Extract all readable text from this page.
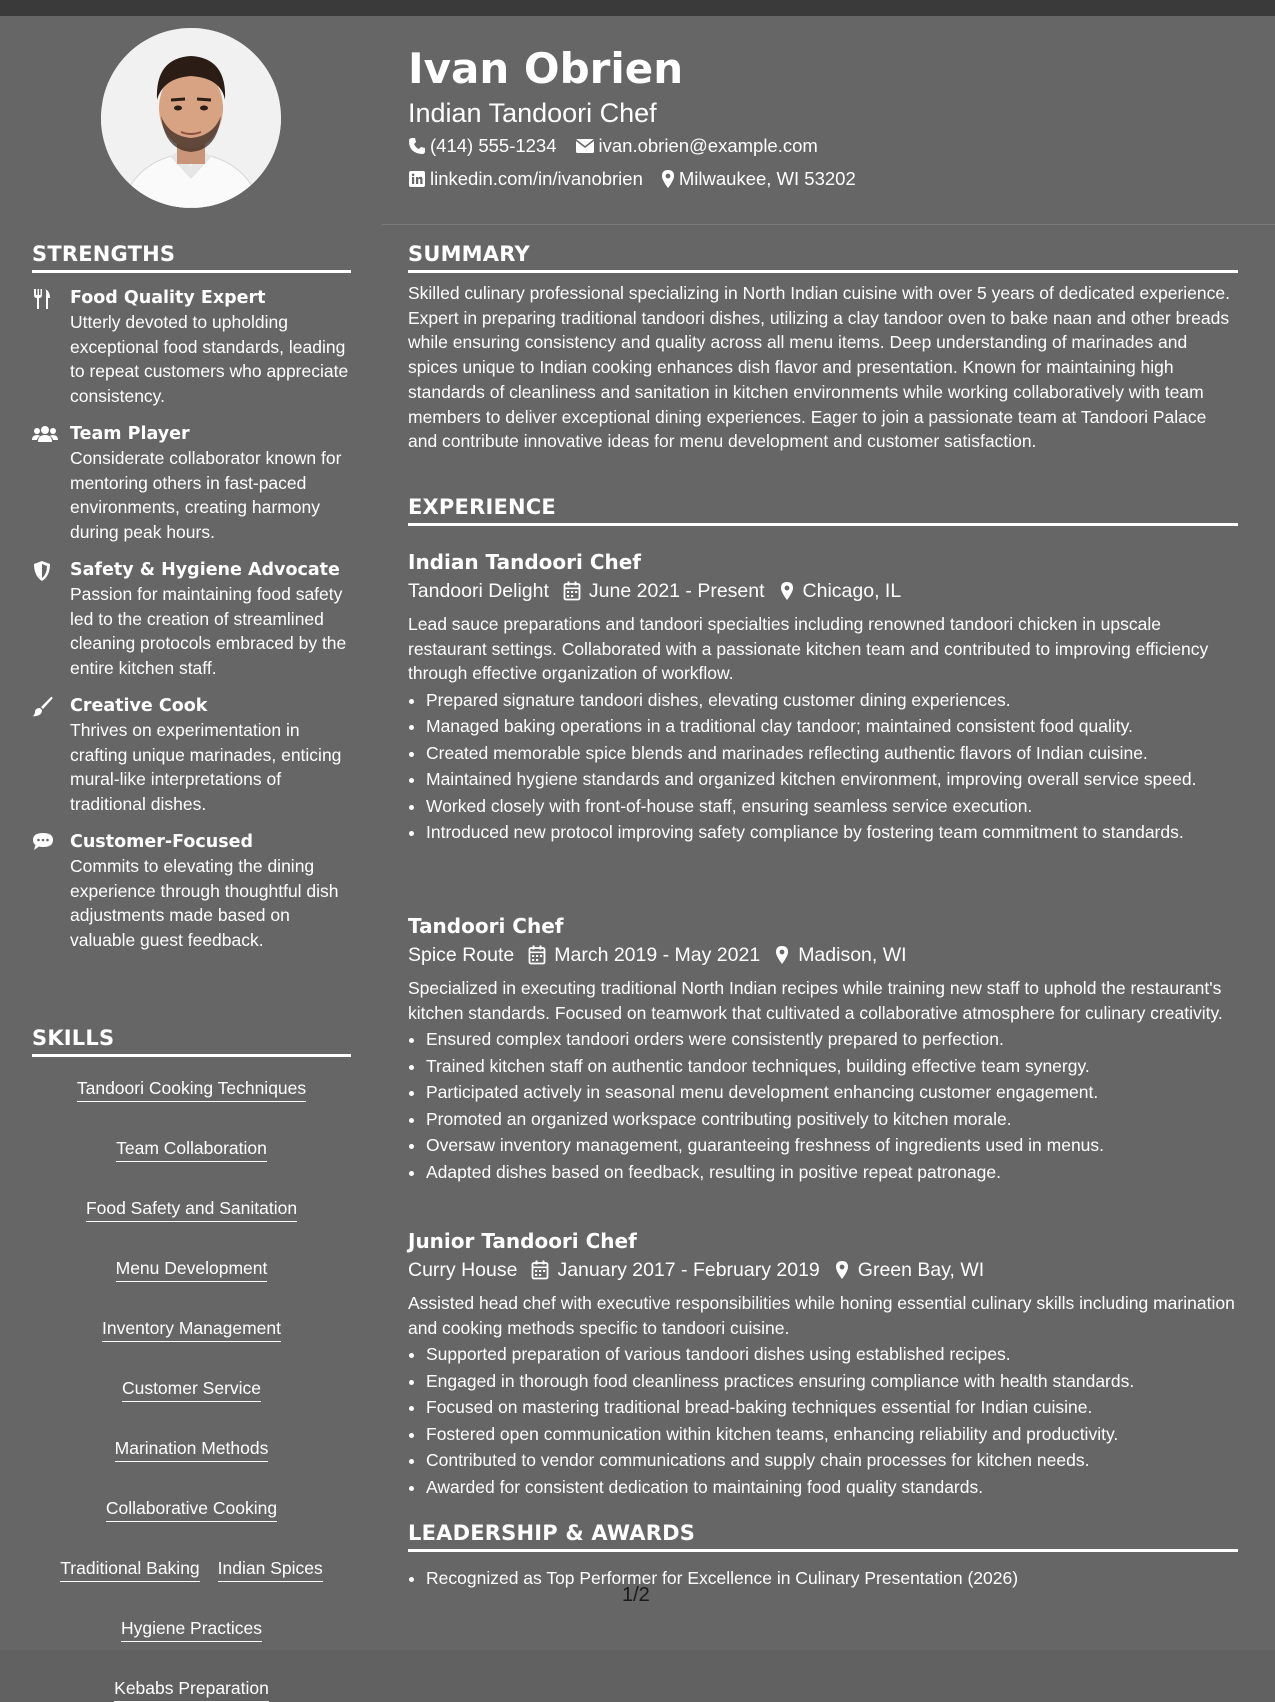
STRENGTHS
Food Quality Expert
Utterly devoted to upholding exceptional food standards, leading to repeat customers who appreciate consistency.
Team Player
Considerate collaborator known for mentoring others in fast-paced environments, creating harmony during peak hours.
Safety & Hygiene Advocate
Passion for maintaining food safety led to the creation of streamlined cleaning protocols embraced by the entire kitchen staff.
Creative Cook
Thrives on experimentation in crafting unique marinades, enticing mural-like interpretations of traditional dishes.
Customer-Focused
Commits to elevating the dining experience through thoughtful dish adjustments made based on valuable guest feedback.
SKILLS
Tandoori Cooking Techniques
Team Collaboration
Food Safety and Sanitation
Menu Development
Inventory Management
Customer Service
Marination Methods
Collaborative Cooking
Traditional Baking Indian Spices
Hygiene Practices
Kebabs Preparation
Ivan Obrien
Indian Tandoori Chef
(414) 555-1234 ivan.obrien@example.com
linkedin.com/in/ivanobrien Milwaukee, WI 53202
SUMMARY
Skilled culinary professional specializing in North Indian cuisine with over 5 years of dedicated experience. Expert in preparing traditional tandoori dishes, utilizing a clay tandoor oven to bake naan and other breads while ensuring consistency and quality across all menu items. Deep understanding of marinades and spices unique to Indian cooking enhances dish flavor and presentation. Known for maintaining high standards of cleanliness and sanitation in kitchen environments while working collaboratively with team members to deliver exceptional dining experiences. Eager to join a passionate team at Tandoori Palace and contribute innovative ideas for menu development and customer satisfaction.
EXPERIENCE
Indian Tandoori Chef
Tandoori Delight June 2021 - Present Chicago, IL
Lead sauce preparations and tandoori specialties including renowned tandoori chicken in upscale restaurant settings. Collaborated with a passionate kitchen team and contributed to improving efficiency through effective organization of workflow.
• Prepared signature tandoori dishes, elevating customer dining experiences.
• Managed baking operations in a traditional clay tandoor; maintained consistent food quality.
• Created memorable spice blends and marinades reflecting authentic flavors of Indian cuisine.
• Maintained hygiene standards and organized kitchen environment, improving overall service speed.
• Worked closely with front-of-house staff, ensuring seamless service execution.
• Introduced new protocol improving safety compliance by fostering team commitment to standards.
Tandoori Chef
Spice Route March 2019 - May 2021 Madison, WI
Specialized in executing traditional North Indian recipes while training new staff to uphold the restaurant's kitchen standards. Focused on teamwork that cultivated a collaborative atmosphere for culinary creativity.
• Ensured complex tandoori orders were consistently prepared to perfection.
• Trained kitchen staff on authentic tandoor techniques, building effective team synergy.
• Participated actively in seasonal menu development enhancing customer engagement.
• Promoted an organized workspace contributing positively to kitchen morale.
• Oversaw inventory management, guaranteeing freshness of ingredients used in menus.
• Adapted dishes based on feedback, resulting in positive repeat patronage.
Junior Tandoori Chef
Curry House January 2017 - February 2019 Green Bay, WI
Assisted head chef with executive responsibilities while honing essential culinary skills including marination and cooking methods specific to tandoori cuisine.
• Supported preparation of various tandoori dishes using established recipes.
• Engaged in thorough food cleanliness practices ensuring compliance with health standards.
• Focused on mastering traditional bread-baking techniques essential for Indian cuisine.
• Fostered open communication within kitchen teams, enhancing reliability and productivity.
• Contributed to vendor communications and supply chain processes for kitchen needs.
• Awarded for consistent dedication to maintaining food quality standards.
LEADERSHIP & AWARDS
• Recognized as Top Performer for Excellence in Culinary Presentation (2026)
1/2
